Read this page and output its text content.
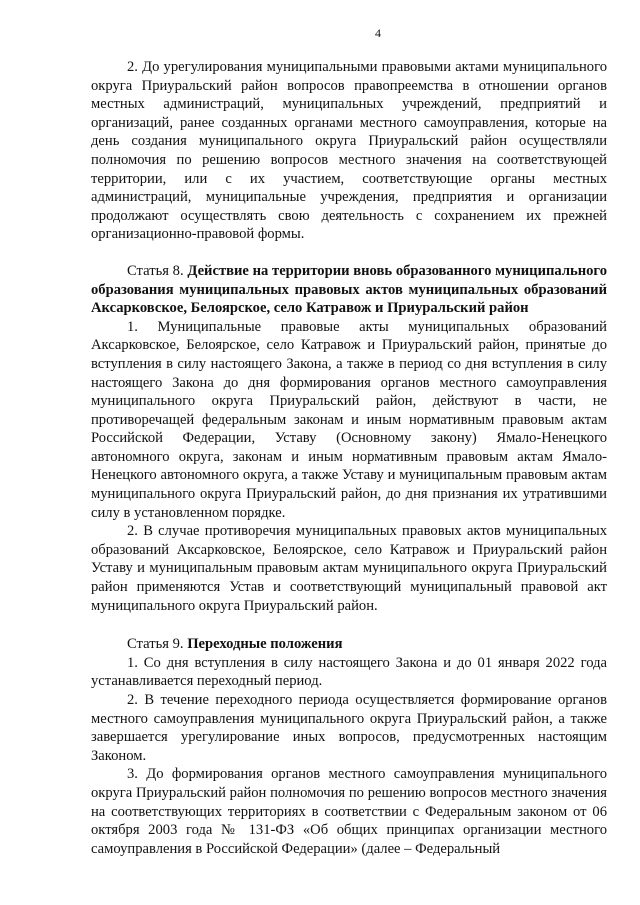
4

2. До урегулирования муниципальными правовыми актами муниципального округа Приуральский район вопросов правопреемства в отношении органов местных администраций, муниципальных учреждений, предприятий и организаций, ранее созданных органами местного самоуправления, которые на день создания муниципального округа Приуральский район осуществляли полномочия по решению вопросов местного значения на соответствующей территории, или с их участием, соответствующие органы местных администраций, муниципальные учреждения, предприятия и организации продолжают осуществлять свою деятельность с сохранением их прежней организационно-правовой формы.

Статья 8. Действие на территории вновь образованного муниципального образования муниципальных правовых актов муниципальных образований Аксарковское, Белоярское, село Катравож и Приуральский район

1. Муниципальные правовые акты муниципальных образований Аксарковское, Белоярское, село Катравож и Приуральский район, принятые до вступления в силу настоящего Закона, а также в период со дня вступления в силу настоящего Закона до дня формирования органов местного самоуправления муниципального округа Приуральский район, действуют в части, не противоречащей федеральным законам и иным нормативным правовым актам Российской Федерации, Уставу (Основному закону) Ямало-Ненецкого автономного округа, законам и иным нормативным правовым актам Ямало-Ненецкого автономного округа, а также Уставу и муниципальным правовым актам муниципального округа Приуральский район, до дня признания их утратившими силу в установленном порядке.

2. В случае противоречия муниципальных правовых актов муниципальных образований Аксарковское, Белоярское, село Катравож и Приуральский район Уставу и муниципальным правовым актам муниципального округа Приуральский район применяются Устав и соответствующий муниципальный правовой акт муниципального округа Приуральский район.

Статья 9. Переходные положения

1. Со дня вступления в силу настоящего Закона и до 01 января 2022 года устанавливается переходный период.

2. В течение переходного периода осуществляется формирование органов местного самоуправления муниципального округа Приуральский район, а также завершается урегулирование иных вопросов, предусмотренных настоящим Законом.

3. До формирования органов местного самоуправления муниципального округа Приуральский район полномочия по решению вопросов местного значения на соответствующих территориях в соответствии с Федеральным законом от 06 октября 2003 года № 131-ФЗ «Об общих принципах организации местного самоуправления в Российской Федерации» (далее – Федеральный
